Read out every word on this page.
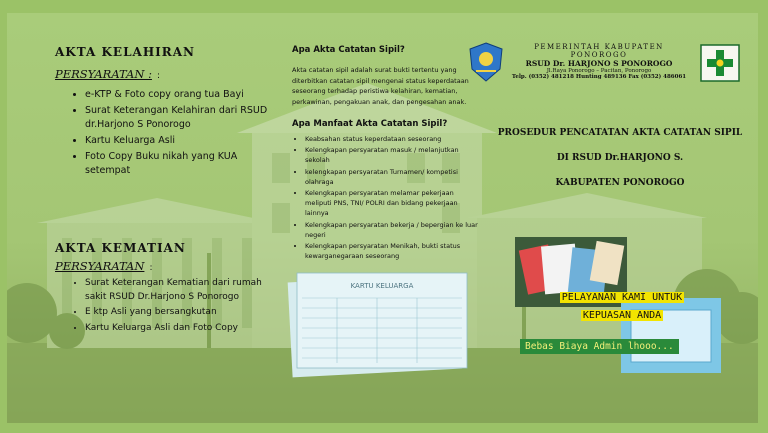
AKTA KELAHIRAN
PERSYARATAN : :
• e-KTP & Foto copy orang tua Bayi
• Surat Keterangan Kelahiran dari RSUD dr.Harjono S Ponorogo
• Kartu Keluarga Asli
• Foto Copy Buku nikah yang KUA setempat
AKTA KEMATIAN
PERSYARATAN :
• Surat Keterangan Kematian dari rumah sakit RSUD Dr.Harjono S Ponorogo
• E ktp Asli yang bersangkutan
• Kartu Keluarga Asli dan Foto Copy
Apa Akta Catatan Sipil?
Akta catatan sipil adalah surat bukti tertentu yang diterbitkan catatan sipil mengenai status keperdataan seseorang terhadap peristiwa kelahiran, kematian, perkawinan, pengakuan anak, dan pengesahan anak.
Apa Manfaat Akta Catatan Sipil?
• Keabsahan status keperdataan seseorang
• Kelengkapan persyaratan masuk / melanjutkan sekolah
• kelengkapan persyaratan Turnamen/ kompetisi olahraga
• Kelengkapan persyaratan melamar pekerjaan meliputi PNS, TNI/ POLRI dan bidang pekerjaan lainnya
• Kelengkapan persyaratan bekerja / bepergian ke luar negeri
• Kelengkapan persyaratan Menikah, bukti status kewarganegaraan seseorang
KARTU KELUARGA
PEMERINTAH KABUPATEN PONOROGO
RSUD Dr. HARJONO S PONOROGO
Jl.Raya Ponorogo – Pacitan, Ponorogo
Telp. (0352) 481218 Hunting 489136 Fax (0352) 486061
PROSEDUR PENCATATAN AKTA CATATAN SIPIL
DI RSUD Dr.HARJONO S.
KABUPATEN PONOROGO
PELAYANAN KAMI UNTUK
KEPUASAN ANDA
Bebas Biaya Admin lhooo...
